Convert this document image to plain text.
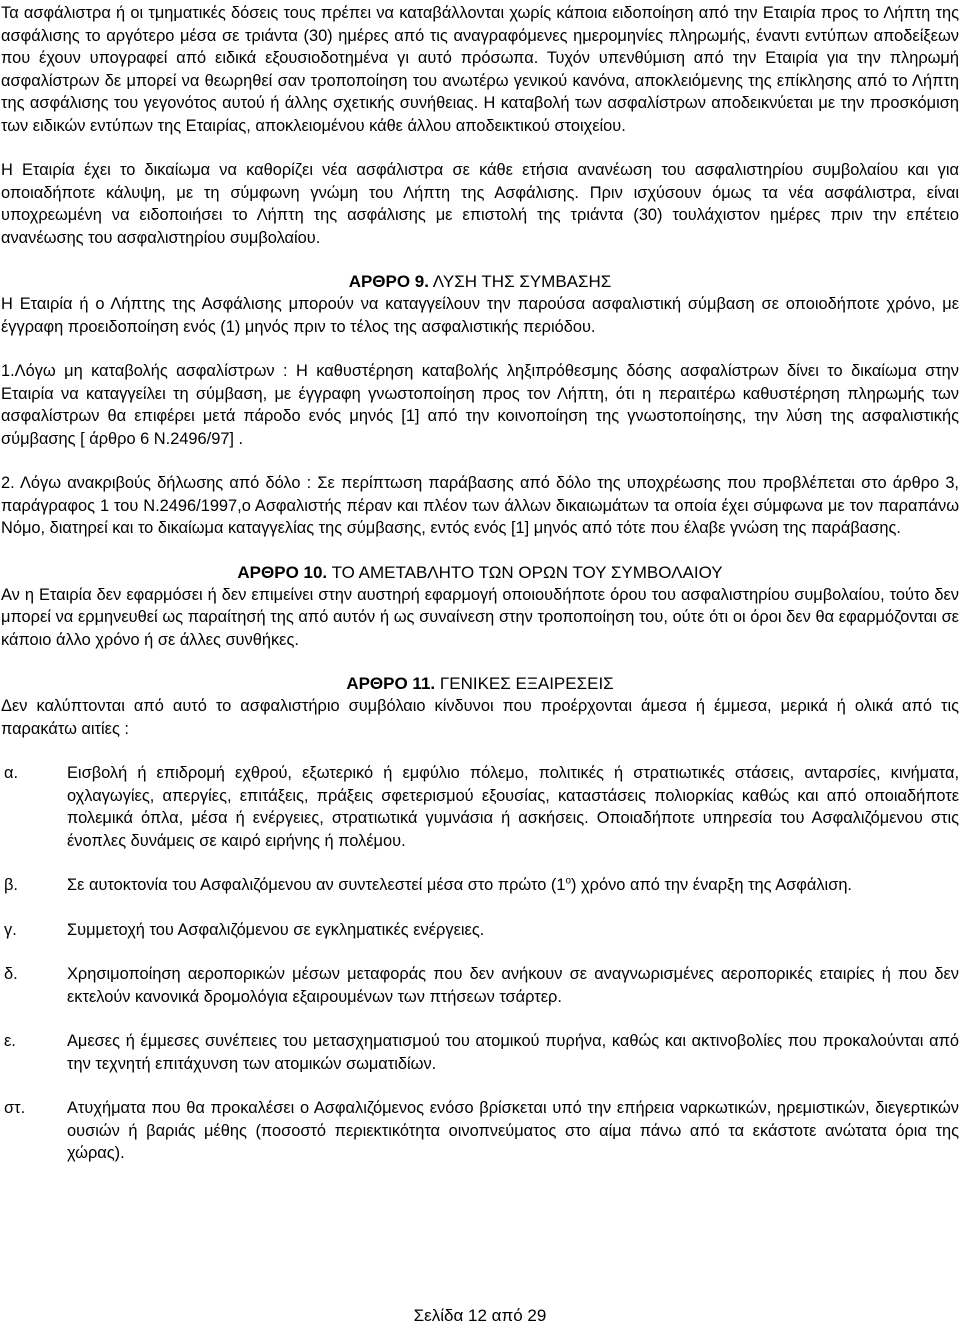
Τα ασφάλιστρα ή οι τμηματικές δόσεις τους πρέπει να καταβάλλονται χωρίς κάποια ειδοποίηση από την Εταιρία προς το Λήπτη της ασφάλισης το αργότερο μέσα σε τριάντα (30) ημέρες από τις αναγραφόμενες ημερομηνίες πληρωμής, έναντι εντύπων αποδείξεων που έχουν υπογραφεί από ειδικά εξουσιοδοτημένα γι αυτό πρόσωπα. Τυχόν υπενθύμιση από την Εταιρία για την πληρωμή ασφαλίστρων δε μπορεί να θεωρηθεί σαν τροποποίηση του ανωτέρω γενικού κανόνα, αποκλειόμενης της επίκλησης από το Λήπτη της ασφάλισης του γεγονότος αυτού ή άλλης σχετικής συνήθειας. Η καταβολή των ασφαλίστρων αποδεικνύεται με την προσκόμιση των ειδικών εντύπων της Εταιρίας, αποκλειομένου κάθε άλλου αποδεικτικού στοιχείου.

Η Εταιρία έχει το δικαίωμα να καθορίζει νέα ασφάλιστρα σε κάθε ετήσια ανανέωση του ασφαλιστηρίου συμβολαίου και για οποιαδήποτε κάλυψη, με τη σύμφωνη γνώμη του Λήπτη της Ασφάλισης. Πριν ισχύσουν όμως τα νέα ασφάλιστρα, είναι υποχρεωμένη να ειδοποιήσει το Λήπτη της ασφάλισης με επιστολή της τριάντα (30) τουλάχιστον ημέρες πριν την επέτειο ανανέωσης του ασφαλιστηρίου συμβολαίου.

ΑΡΘΡΟ 9. ΛΥΣΗ ΤΗΣ ΣΥΜΒΑΣΗΣ

Η Εταιρία ή ο Λήπτης της Ασφάλισης μπορούν να καταγγείλουν την παρούσα ασφαλιστική σύμβαση σε οποιοδήποτε χρόνο, με έγγραφη προειδοποίηση ενός (1) μηνός πριν το τέλος της ασφαλιστικής περιόδου.

1.Λόγω μη καταβολής ασφαλίστρων : Η καθυστέρηση καταβολής ληξιπρόθεσμης δόσης ασφαλίστρων δίνει το δικαίωμα στην Εταιρία να καταγγείλει τη σύμβαση, με έγγραφη γνωστοποίηση προς τον Λήπτη, ότι η περαιτέρω καθυστέρηση πληρωμής των ασφαλίστρων θα επιφέρει μετά πάροδο ενός μηνός [1] από την κοινοποίηση της γνωστοποίησης, την λύση της ασφαλιστικής σύμβασης [ άρθρο 6 Ν.2496/97] .

2. Λόγω ανακριβούς δήλωσης από δόλο : Σε περίπτωση παράβασης από δόλο της υποχρέωσης που προβλέπεται στο άρθρο 3, παράγραφος 1 του Ν.2496/1997,ο Ασφαλιστής πέραν και πλέον των άλλων δικαιωμάτων τα οποία έχει σύμφωνα με τον παραπάνω Νόμο, διατηρεί και το δικαίωμα καταγγελίας της σύμβασης, εντός ενός [1] μηνός από τότε που έλαβε γνώση της παράβασης.

ΑΡΘΡΟ 10. ΤΟ ΑΜΕΤΑΒΛΗΤΟ ΤΩΝ ΟΡΩΝ ΤΟΥ ΣΥΜΒΟΛΑΙΟΥ

Αν η Εταιρία δεν εφαρμόσει ή δεν επιμείνει στην αυστηρή εφαρμογή οποιουδήποτε όρου του ασφαλιστηρίου συμβολαίου, τούτο δεν μπορεί να ερμηνευθεί ως παραίτησή της από αυτόν ή ως συναίνεση στην τροποποίηση του, ούτε ότι οι όροι δεν θα εφαρμόζονται σε κάποιο άλλο χρόνο ή σε άλλες συνθήκες.

ΑΡΘΡΟ 11. ΓΕΝΙΚΕΣ ΕΞΑΙΡΕΣΕΙΣ

Δεν καλύπτονται από αυτό το ασφαλιστήριο συμβόλαιο κίνδυνοι που προέρχονται άμεσα ή έμμεσα, μερικά ή ολικά από τις παρακάτω αιτίες :

α.	Εισβολή ή επιδρομή εχθρού, εξωτερικό ή εμφύλιο πόλεμο, πολιτικές ή στρατιωτικές στάσεις, ανταρσίες, κινήματα, οχλαγωγίες, απεργίες, επιτάξεις, πράξεις σφετερισμού εξουσίας, καταστάσεις πολιορκίας καθώς και από οποιαδήποτε πολεμικά όπλα, μέσα ή ενέργειες, στρατιωτικά γυμνάσια ή ασκήσεις. Οποιαδήποτε υπηρεσία του Ασφαλιζόμενου στις ένοπλες δυνάμεις σε καιρό ειρήνης ή πολέμου.
β.	Σε αυτοκτονία του Ασφαλιζόμενου αν συντελεστεί μέσα στο πρώτο $(1^o)$ χρόνο από την έναρξη της Ασφάλιση.
γ.	Συμμετοχή του Ασφαλιζόμενου σε εγκληματικές ενέργειες.
δ.	Χρησιμοποίηση αεροπορικών μέσων μεταφοράς που δεν ανήκουν σε αναγνωρισμένες αεροπορικές εταιρίες ή που δεν εκτελούν κανονικά δρομολόγια εξαιρουμένων των πτήσεων τσάρτερ.
ε.	Αμεσες ή έμμεσες συνέπειες του μετασχηματισμού του ατομικού πυρήνα, καθώς και ακτινοβολίες που προκαλούνται από την τεχνητή επιτάχυνση των ατομικών σωματιδίων.
στ.	Ατυχήματα που θα προκαλέσει ο Ασφαλιζόμενος ενόσο βρίσκεται υπό την επήρεια ναρκωτικών, ηρεμιστικών, διεγερτικών ουσιών ή βαριάς μέθης (ποσοστό περιεκτικότητα οινοπνεύματος στο αίμα πάνω από τα εκάστοτε ανώτατα όρια της χώρας).
Σελίδα 12 από 29
